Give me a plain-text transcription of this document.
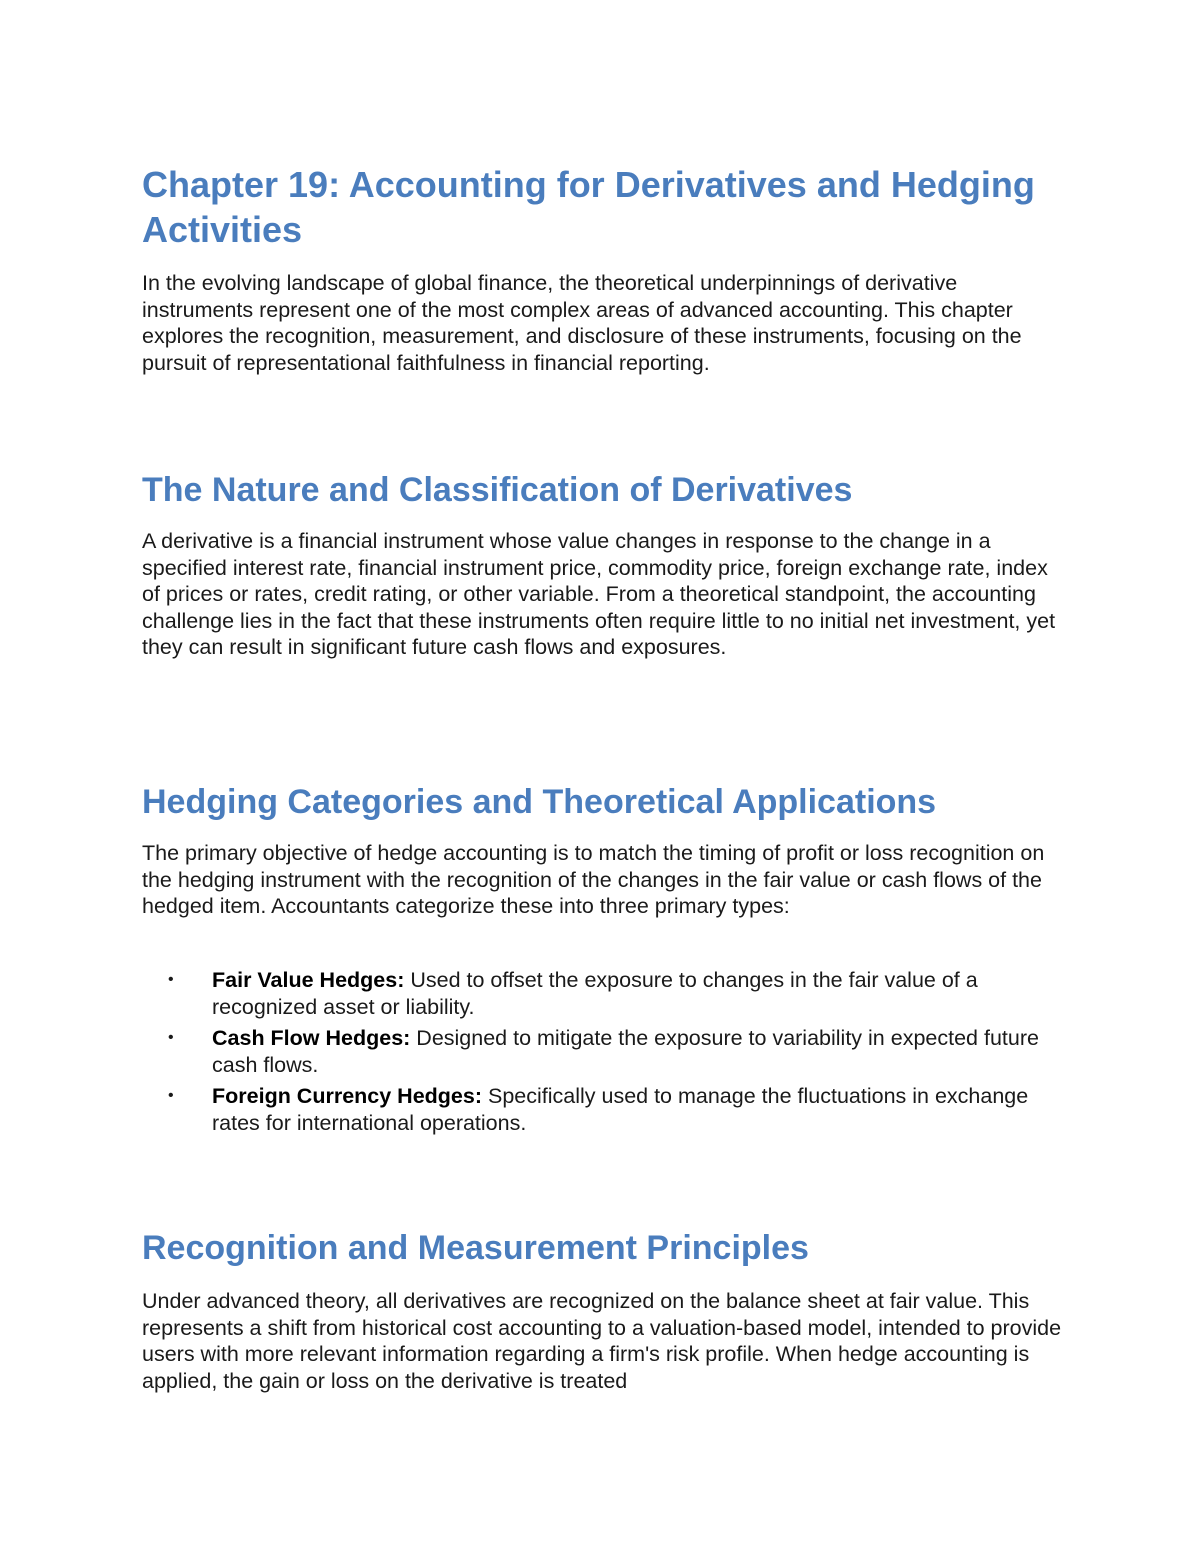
Chapter 19: Accounting for Derivatives and Hedging Activities

In the evolving landscape of global finance, the theoretical underpinnings of derivative instruments represent one of the most complex areas of advanced accounting. This chapter explores the recognition, measurement, and disclosure of these instruments, focusing on the pursuit of representational faithfulness in financial reporting.

The Nature and Classification of Derivatives

A derivative is a financial instrument whose value changes in response to the change in a specified interest rate, financial instrument price, commodity price, foreign exchange rate, index of prices or rates, credit rating, or other variable. From a theoretical standpoint, the accounting challenge lies in the fact that these instruments often require little to no initial net investment, yet they can result in significant future cash flows and exposures.

Hedging Categories and Theoretical Applications

The primary objective of hedge accounting is to match the timing of profit or loss recognition on the hedging instrument with the recognition of the changes in the fair value or cash flows of the hedged item. Accountants categorize these into three primary types:

• Fair Value Hedges: Used to offset the exposure to changes in the fair value of a recognized asset or liability.
• Cash Flow Hedges: Designed to mitigate the exposure to variability in expected future cash flows.
• Foreign Currency Hedges: Specifically used to manage the fluctuations in exchange rates for international operations.
Recognition and Measurement Principles

Under advanced theory, all derivatives are recognized on the balance sheet at fair value. This represents a shift from historical cost accounting to a valuation-based model, intended to provide users with more relevant information regarding a firm's risk profile. When hedge accounting is applied, the gain or loss on the derivative is treated
